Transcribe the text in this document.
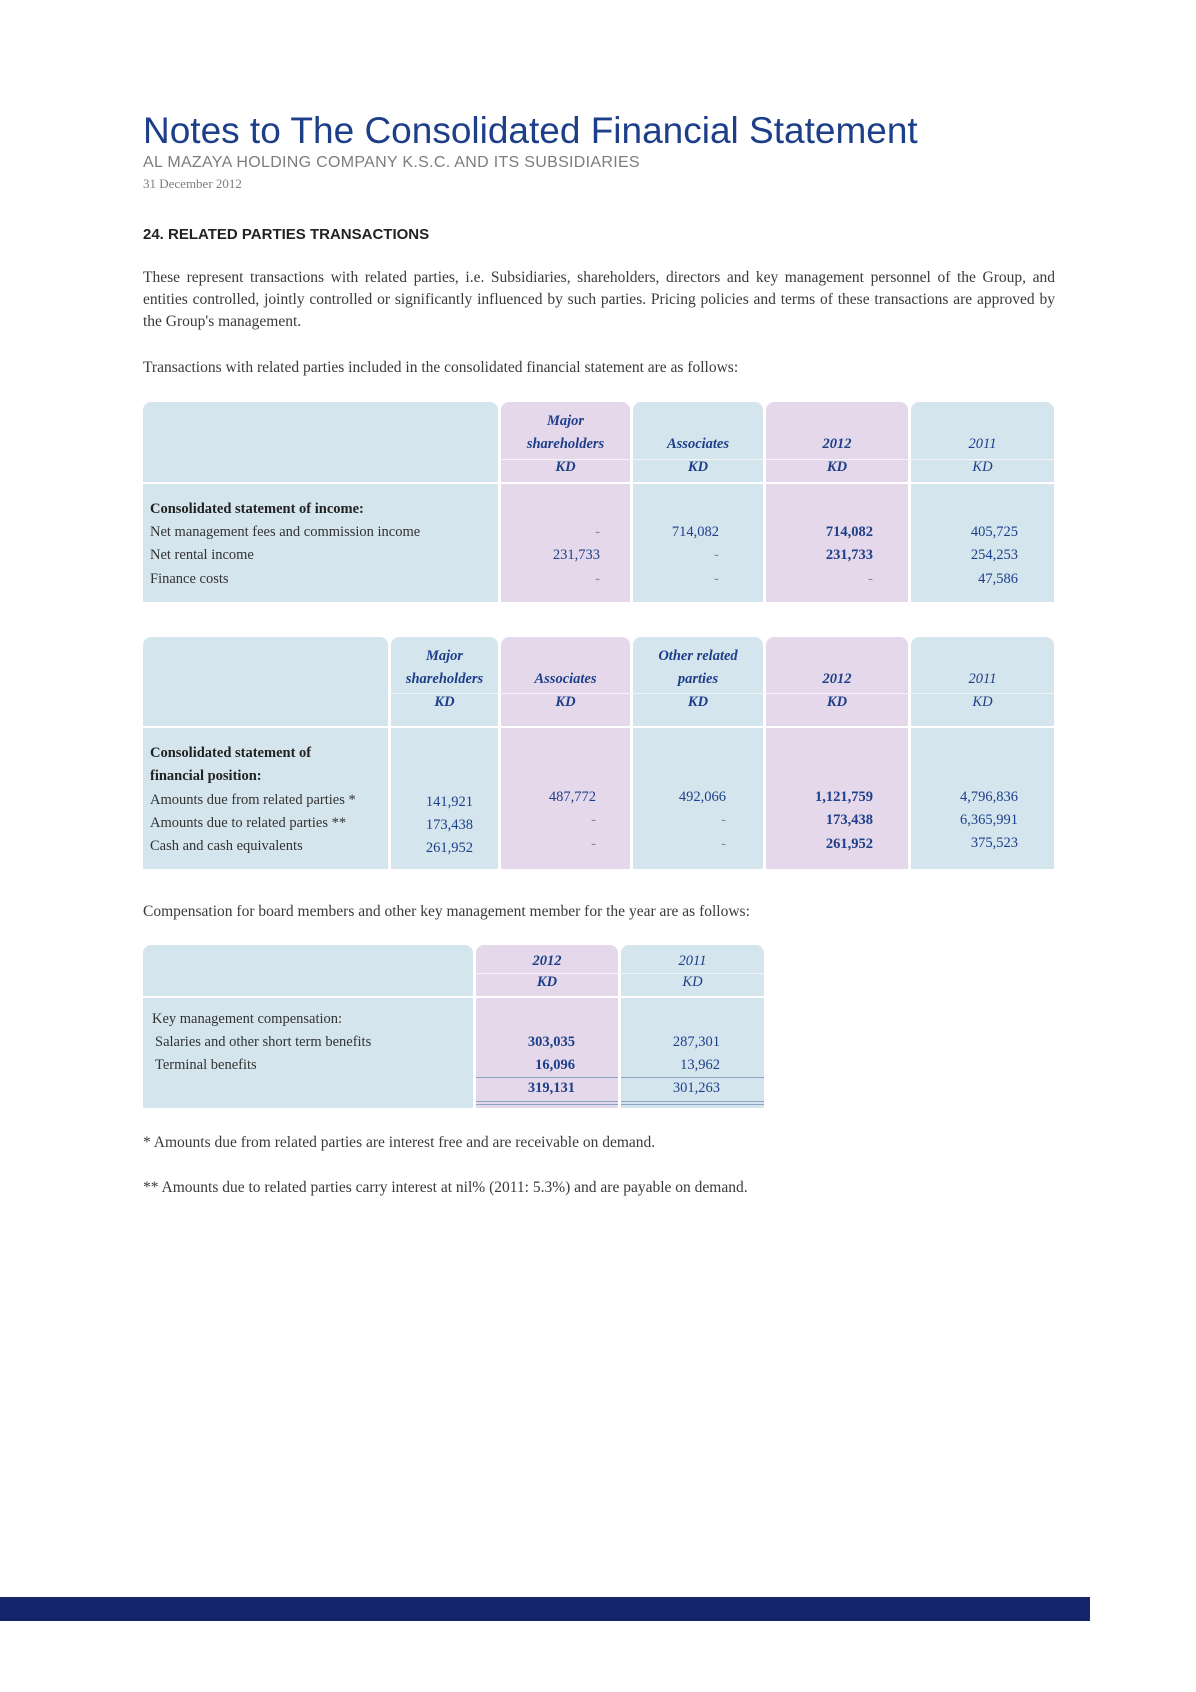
Notes to The Consolidated Financial Statement
AL MAZAYA HOLDING COMPANY K.S.C. AND ITS SUBSIDIARIES
31 December 2012
24. RELATED PARTIES TRANSACTIONS
These represent transactions with related parties, i.e. Subsidiaries, shareholders, directors and key management personnel of the Group, and entities controlled, jointly controlled or significantly influenced by such parties. Pricing policies and terms of these transactions are approved by the Group's management.
Transactions with related parties included in the consolidated financial statement are as follows:
Major
shareholders
KD
Associates
KD
2012
KD
2011
KD
Consolidated statement of income:
Net management fees and commission income	-	714,082	714,082	405,725
Net rental income	231,733	-	231,733	254,253
Finance costs	-	-	-	47,586
Major
shareholders
KD
Associates
KD
Other related
parties
KD
2012
KD
2011
KD
Consolidated statement of
financial position:
Amounts due from related parties *	141,921	487,772	492,066	1,121,759	4,796,836
Amounts due to related parties **	173,438	-	-	173,438	6,365,991
Cash and cash equivalents	261,952	-	-	261,952	375,523
Compensation for board members and other key management member for the year are as follows:
2012
KD
2011
KD
Key management compensation:
Salaries and other short term benefits	303,035	287,301
Terminal benefits	16,096	13,962
319,131	301,263
* Amounts due from related parties are interest free and are receivable on demand.
** Amounts due to related parties carry interest at nil% (2011: 5.3%) and are payable on demand.
